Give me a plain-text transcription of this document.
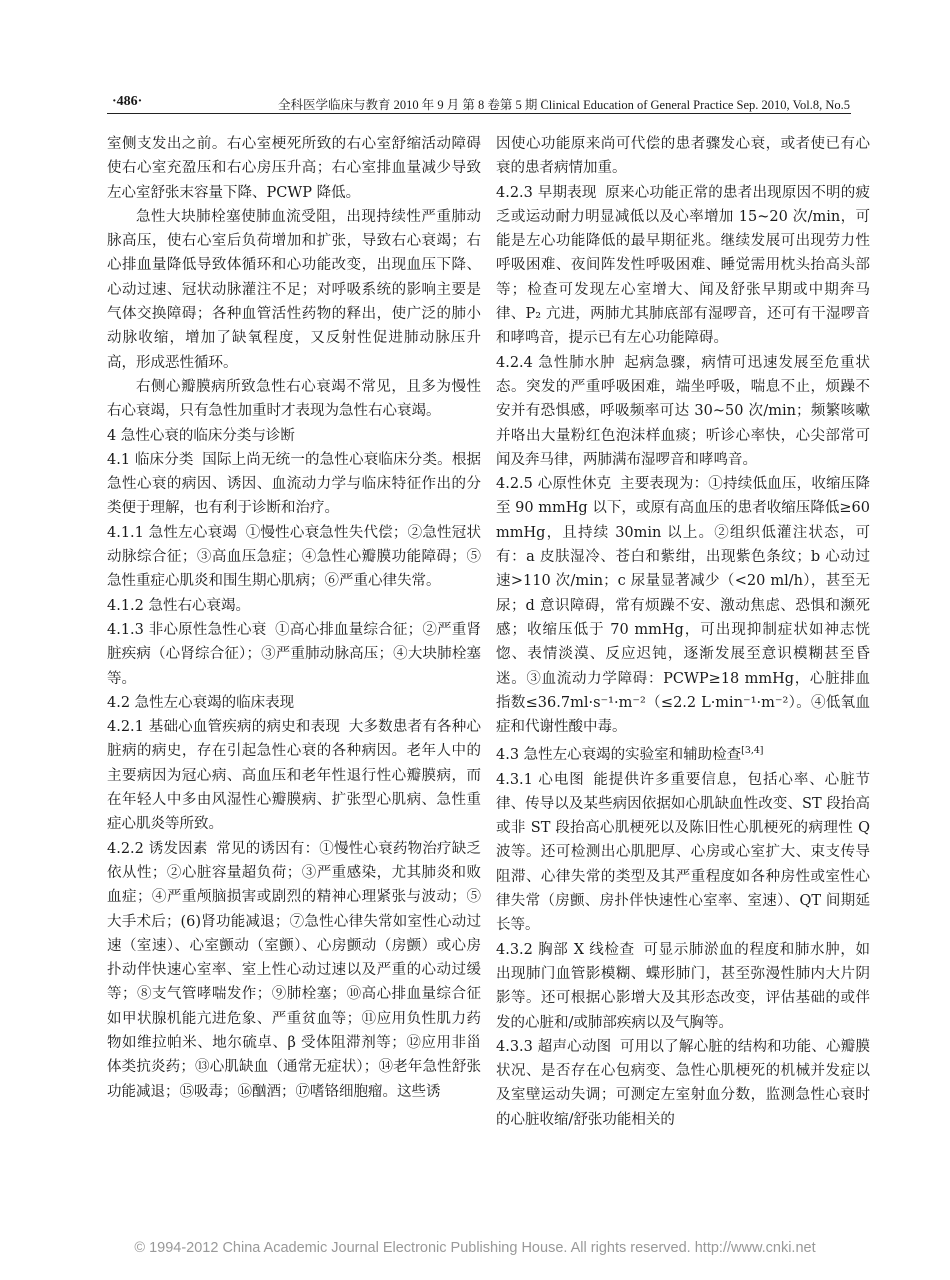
·486·	全科医学临床与教育 2010 年 9 月 第 8 卷第 5 期 Clinical Education of General Practice Sep. 2010, Vol.8, No.5

室侧支发出之前。右心室梗死所致的右心室舒缩活动障碍使右心室充盈压和右心房压升高；右心室排血量减少导致左心室舒张末容量下降、PCWP 降低。

急性大块肺栓塞使肺血流受阻，出现持续性严重肺动脉高压，使右心室后负荷增加和扩张，导致右心衰竭；右心排血量降低导致体循环和心功能改变，出现血压下降、心动过速、冠状动脉灌注不足；对呼吸系统的影响主要是气体交换障碍；各种血管活性药物的释出，使广泛的肺小动脉收缩，增加了缺氧程度，又反射性促进肺动脉压升高，形成恶性循环。

右侧心瓣膜病所致急性右心衰竭不常见，且多为慢性右心衰竭，只有急性加重时才表现为急性右心衰竭。

4 急性心衰的临床分类与诊断

4.1 临床分类 国际上尚无统一的急性心衰临床分类。根据急性心衰的病因、诱因、血流动力学与临床特征作出的分类便于理解，也有利于诊断和治疗。

4.1.1 急性左心衰竭 ①慢性心衰急性失代偿；②急性冠状动脉综合征；③高血压急症；④急性心瓣膜功能障碍；⑤急性重症心肌炎和围生期心肌病；⑥严重心律失常。

4.1.2 急性右心衰竭。

4.1.3 非心原性急性心衰 ①高心排血量综合征；②严重肾脏疾病（心肾综合征）；③严重肺动脉高压；④大块肺栓塞等。

4.2 急性左心衰竭的临床表现

4.2.1 基础心血管疾病的病史和表现 大多数患者有各种心脏病的病史，存在引起急性心衰的各种病因。老年人中的主要病因为冠心病、高血压和老年性退行性心瓣膜病，而在年轻人中多由风湿性心瓣膜病、扩张型心肌病、急性重症心肌炎等所致。

4.2.2 诱发因素 常见的诱因有：①慢性心衰药物治疗缺乏依从性；②心脏容量超负荷；③严重感染，尤其肺炎和败血症；④严重颅脑损害或剧烈的精神心理紧张与波动；⑤大手术后；(6)肾功能减退；⑦急性心律失常如室性心动过速（室速）、心室颤动（室颤）、心房颤动（房颤）或心房扑动伴快速心室率、室上性心动过速以及严重的心动过缓等；⑧支气管哮喘发作；⑨肺栓塞；⑩高心排血量综合征如甲状腺机能亢进危象、严重贫血等；⑪应用负性肌力药物如维拉帕米、地尔硫卓、β 受体阻滞剂等；⑫应用非甾体类抗炎药；⑬心肌缺血（通常无症状）；⑭老年急性舒张功能减退；⑮吸毒；⑯酗酒；⑰嗜铬细胞瘤。这些诱

因使心功能原来尚可代偿的患者骤发心衰，或者使已有心衰的患者病情加重。

4.2.3 早期表现 原来心功能正常的患者出现原因不明的疲乏或运动耐力明显减低以及心率增加 15~20 次/min，可能是左心功能降低的最早期征兆。继续发展可出现劳力性呼吸困难、夜间阵发性呼吸困难、睡觉需用枕头抬高头部等；检查可发现左心室增大、闻及舒张早期或中期奔马律、P₂ 亢进，两肺尤其肺底部有湿啰音，还可有干湿啰音和哮鸣音，提示已有左心功能障碍。

4.2.4 急性肺水肿 起病急骤，病情可迅速发展至危重状态。突发的严重呼吸困难，端坐呼吸，喘息不止，烦躁不安并有恐惧感，呼吸频率可达 30~50 次/min；频繁咳嗽并咯出大量粉红色泡沫样血痰；听诊心率快，心尖部常可闻及奔马律，两肺满布湿啰音和哮鸣音。

4.2.5 心原性休克 主要表现为：①持续低血压，收缩压降至 90 mmHg 以下，或原有高血压的患者收缩压降低≥60 mmHg，且持续 30min 以上。②组织低灌注状态，可有：a 皮肤湿冷、苍白和紫绀，出现紫色条纹；b 心动过速>110 次/min；c 尿量显著减少（<20 ml/h），甚至无尿；d 意识障碍，常有烦躁不安、激动焦虑、恐惧和濒死感；收缩压低于 70 mmHg，可出现抑制症状如神志恍惚、表情淡漠、反应迟钝，逐渐发展至意识模糊甚至昏迷。③血流动力学障碍：PCWP≥18 mmHg，心脏排血指数≤36.7ml·s⁻¹·m⁻²（≤2.2 L·min⁻¹·m⁻²）。④低氧血症和代谢性酸中毒。

4.3 急性左心衰竭的实验室和辅助检查[3,4]

4.3.1 心电图 能提供许多重要信息，包括心率、心脏节律、传导以及某些病因依据如心肌缺血性改变、ST 段抬高或非 ST 段抬高心肌梗死以及陈旧性心肌梗死的病理性 Q 波等。还可检测出心肌肥厚、心房或心室扩大、束支传导阻滞、心律失常的类型及其严重程度如各种房性或室性心律失常（房颤、房扑伴快速性心室率、室速）、QT 间期延长等。

4.3.2 胸部 X 线检查 可显示肺淤血的程度和肺水肿，如出现肺门血管影模糊、蝶形肺门，甚至弥漫性肺内大片阴影等。还可根据心影增大及其形态改变，评估基础的或伴发的心脏和/或肺部疾病以及气胸等。

4.3.3 超声心动图 可用以了解心脏的结构和功能、心瓣膜状况、是否存在心包病变、急性心肌梗死的机械并发症以及室壁运动失调；可测定左室射血分数，监测急性心衰时的心脏收缩/舒张功能相关的

© 1994-2012 China Academic Journal Electronic Publishing House. All rights reserved. http://www.cnki.net
